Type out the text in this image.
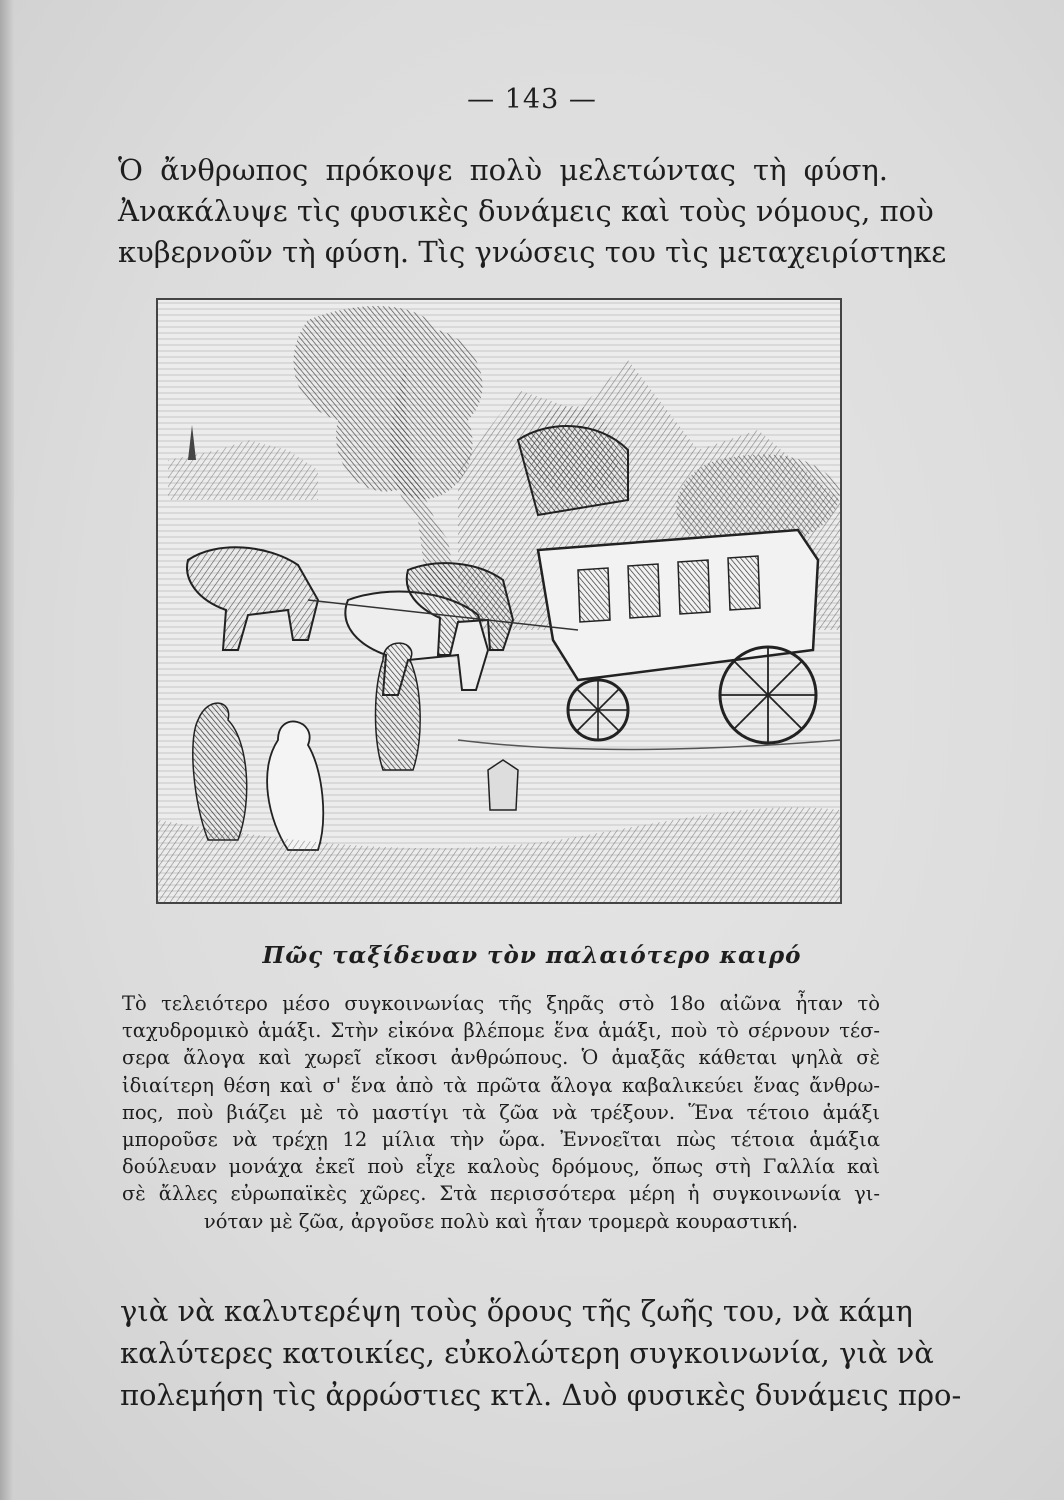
— 143 —
Ὁ ἄνθρωπος πρόκοψε πολὺ μελετώντας τὴ φύση.
Ἀνακάλυψε τὶς φυσικὲς δυνάμεις καὶ τοὺς νόμους, ποὺ
κυβερνοῦν τὴ φύση. Τὶς γνώσεις του τὶς μεταχειρίστηκε
Πῶς ταξίδευαν τὸν παλαιότερο καιρό
Τὸ τελειότερο μέσο συγκοινωνίας τῆς ξηρᾶς στὸ 18ο αἰῶνα ἦταν τὸ
ταχυδρομικὸ ἁμάξι. Στὴν εἰκόνα βλέπομε ἕνα ἁμάξι, ποὺ τὸ σέρνουν τέσ-
σερα ἄλογα καὶ χωρεῖ εἴκοσι ἀνθρώπους. Ὁ ἁμαξᾶς κάθεται ψηλὰ σὲ
ἰδιαίτερη θέση καὶ σ' ἕνα ἀπὸ τὰ πρῶτα ἄλογα καβαλικεύει ἕνας ἄνθρω-
πος, ποὺ βιάζει μὲ τὸ μαστίγι τὰ ζῶα νὰ τρέξουν. Ἕνα τέτοιο ἁμάξι
μποροῦσε νὰ τρέχῃ 12 μίλια τὴν ὥρα. Ἐννοεῖται πὼς τέτοια ἁμάξια
δούλευαν μονάχα ἐκεῖ ποὺ εἶχε καλοὺς δρόμους, ὅπως στὴ Γαλλία καὶ
σὲ ἄλλες εὐρωπαϊκὲς χῶρες. Στὰ περισσότερα μέρη ἡ συγκοινωνία γι-
νόταν μὲ ζῶα, ἀργοῦσε πολὺ καὶ ἦταν τρομερὰ κουραστική.
γιὰ νὰ καλυτερέψη τοὺς ὅρους τῆς ζωῆς του, νὰ κάμη
καλύτερες κατοικίες, εὐκολώτερη συγκοινωνία, γιὰ νὰ
πολεμήση τὶς ἀρρώστιες κτλ. Δυὸ φυσικὲς δυνάμεις προ-
